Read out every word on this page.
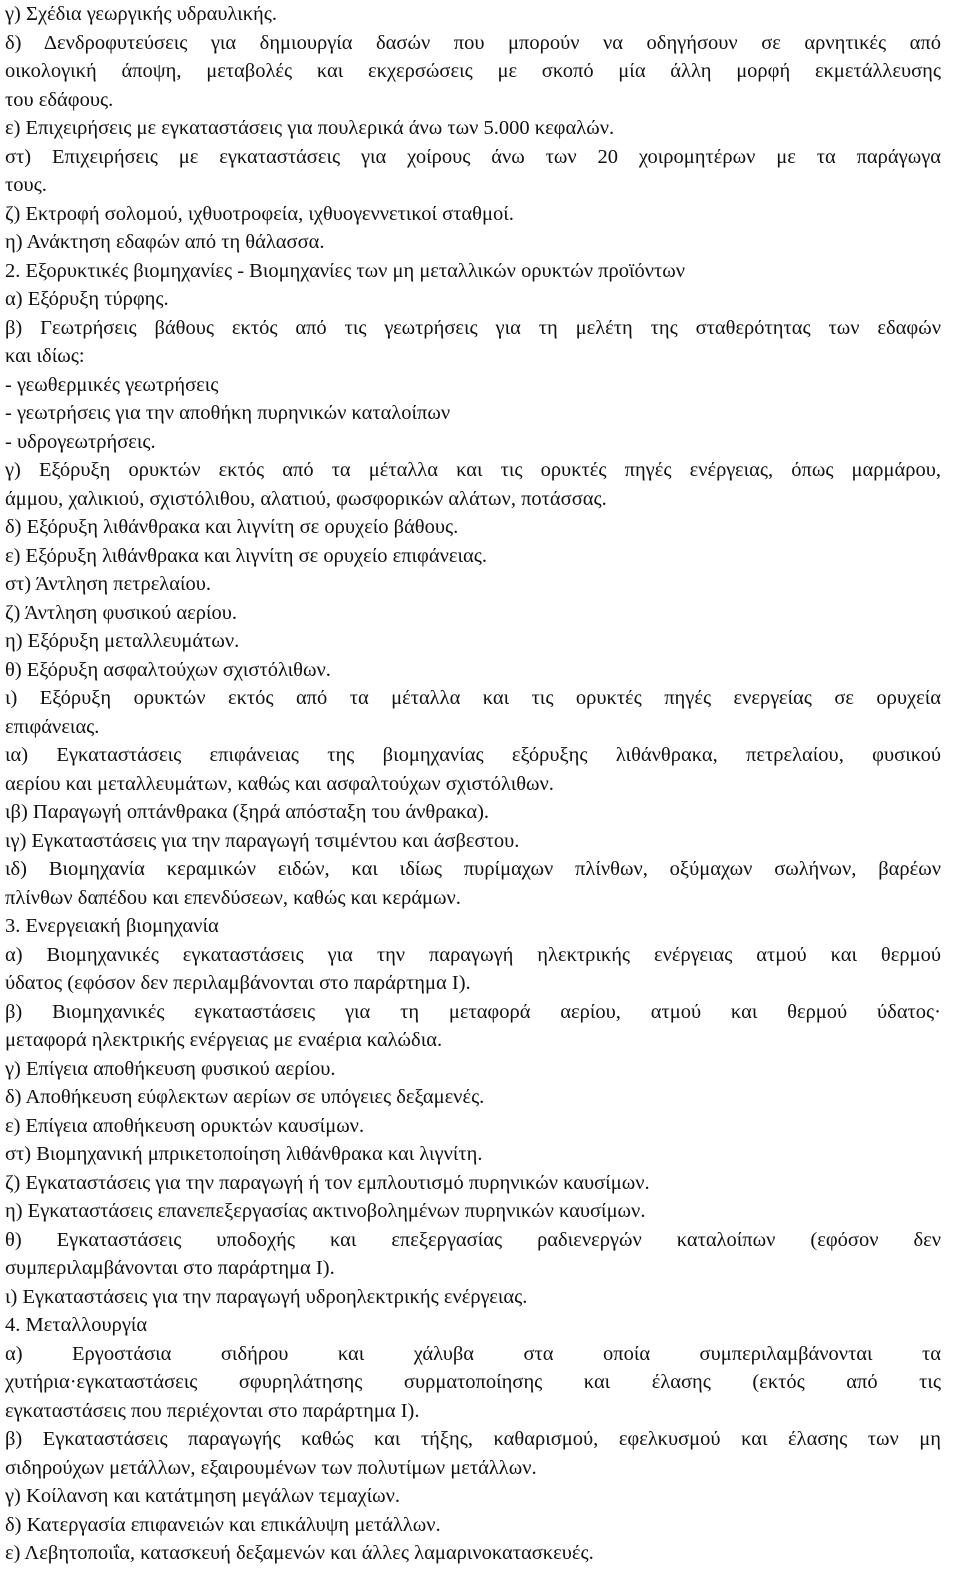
γ) Σχέδια γεωργικής υδραυλικής.
δ) Δενδροφυτεύσεις για δημιουργία δασών που μπορούν να οδηγήσουν σε αρνητικές από
οικολογική άποψη, μεταβολές και εκχερσώσεις με σκοπό μία άλλη μορφή εκμετάλλευσης
του εδάφους.
ε) Επιχειρήσεις με εγκαταστάσεις για πουλερικά άνω των 5.000 κεφαλών.
στ) Επιχειρήσεις με εγκαταστάσεις για χοίρους άνω των 20 χοιρομητέρων με τα παράγωγα
τους.
ζ) Εκτροφή σολομού, ιχθυοτροφεία, ιχθυογεννετικοί σταθμοί.
η) Ανάκτηση εδαφών από τη θάλασσα.
2. Εξορυκτικές βιομηχανίες - Βιομηχανίες των μη μεταλλικών ορυκτών προϊόντων
α) Εξόρυξη τύρφης.
β) Γεωτρήσεις βάθους εκτός από τις γεωτρήσεις για τη μελέτη της σταθερότητας των εδαφών
και ιδίως:
- γεωθερμικές γεωτρήσεις
- γεωτρήσεις για την αποθήκη πυρηνικών καταλοίπων
- υδρογεωτρήσεις.
γ) Εξόρυξη ορυκτών εκτός από τα μέταλλα και τις ορυκτές πηγές ενέργειας, όπως μαρμάρου,
άμμου, χαλικιού, σχιστόλιθου, αλατιού, φωσφορικών αλάτων, ποτάσσας.
δ) Εξόρυξη λιθάνθρακα και λιγνίτη σε ορυχείο βάθους.
ε) Εξόρυξη λιθάνθρακα και λιγνίτη σε ορυχείο επιφάνειας.
στ) Άντληση πετρελαίου.
ζ) Άντληση φυσικού αερίου.
η) Εξόρυξη μεταλλευμάτων.
θ) Εξόρυξη ασφαλτούχων σχιστόλιθων.
ι) Εξόρυξη ορυκτών εκτός από τα μέταλλα και τις ορυκτές πηγές ενεργείας σε ορυχεία
επιφάνειας.
ια) Εγκαταστάσεις επιφάνειας της βιομηχανίας εξόρυξης λιθάνθρακα, πετρελαίου, φυσικού
αερίου και μεταλλευμάτων, καθώς και ασφαλτούχων σχιστόλιθων.
ιβ) Παραγωγή οπτάνθρακα (ξηρά απόσταξη του άνθρακα).
ιγ) Εγκαταστάσεις για την παραγωγή τσιμέντου και άσβεστου.
ιδ) Βιομηχανία κεραμικών ειδών, και ιδίως πυρίμαχων πλίνθων, οξύμαχων σωλήνων, βαρέων
πλίνθων δαπέδου και επενδύσεων, καθώς και κεράμων.
3. Ενεργειακή βιομηχανία
α) Βιομηχανικές εγκαταστάσεις για την παραγωγή ηλεκτρικής ενέργειας ατμού και θερμού
ύδατος (εφόσον δεν περιλαμβάνονται στο παράρτημα Ι).
β) Βιομηχανικές εγκαταστάσεις για τη μεταφορά αερίου, ατμού και θερμού ύδατος·
μεταφορά ηλεκτρικής ενέργειας με εναέρια καλώδια.
γ) Επίγεια αποθήκευση φυσικού αερίου.
δ) Αποθήκευση εύφλεκτων αερίων σε υπόγειες δεξαμενές.
ε) Επίγεια αποθήκευση ορυκτών καυσίμων.
στ) Βιομηχανική μπρικετοποίηση λιθάνθρακα και λιγνίτη.
ζ) Εγκαταστάσεις για την παραγωγή ή τον εμπλουτισμό πυρηνικών καυσίμων.
η) Εγκαταστάσεις επανεπεξεργασίας ακτινοβολημένων πυρηνικών καυσίμων.
θ) Εγκαταστάσεις υποδοχής και επεξεργασίας ραδιενεργών καταλοίπων (εφόσον δεν
συμπεριλαμβάνονται στο παράρτημα Ι).
ι) Εγκαταστάσεις για την παραγωγή υδροηλεκτρικής ενέργειας.
4. Μεταλλουργία
α) Εργοστάσια σιδήρου και χάλυβα στα οποία συμπεριλαμβάνονται τα
χυτήρια·εγκαταστάσεις σφυρηλάτησης συρματοποίησης και έλασης (εκτός από τις
εγκαταστάσεις που περιέχονται στο παράρτημα Ι).
β) Εγκαταστάσεις παραγωγής καθώς και τήξης, καθαρισμού, εφελκυσμού και έλασης των μη
σιδηρούχων μετάλλων, εξαιρουμένων των πολυτίμων μετάλλων.
γ) Κοίλανση και κατάτμηση μεγάλων τεμαχίων.
δ) Κατεργασία επιφανειών και επικάλυψη μετάλλων.
ε) Λεβητοποιΐα, κατασκευή δεξαμενών και άλλες λαμαρινοκατασκευές.
